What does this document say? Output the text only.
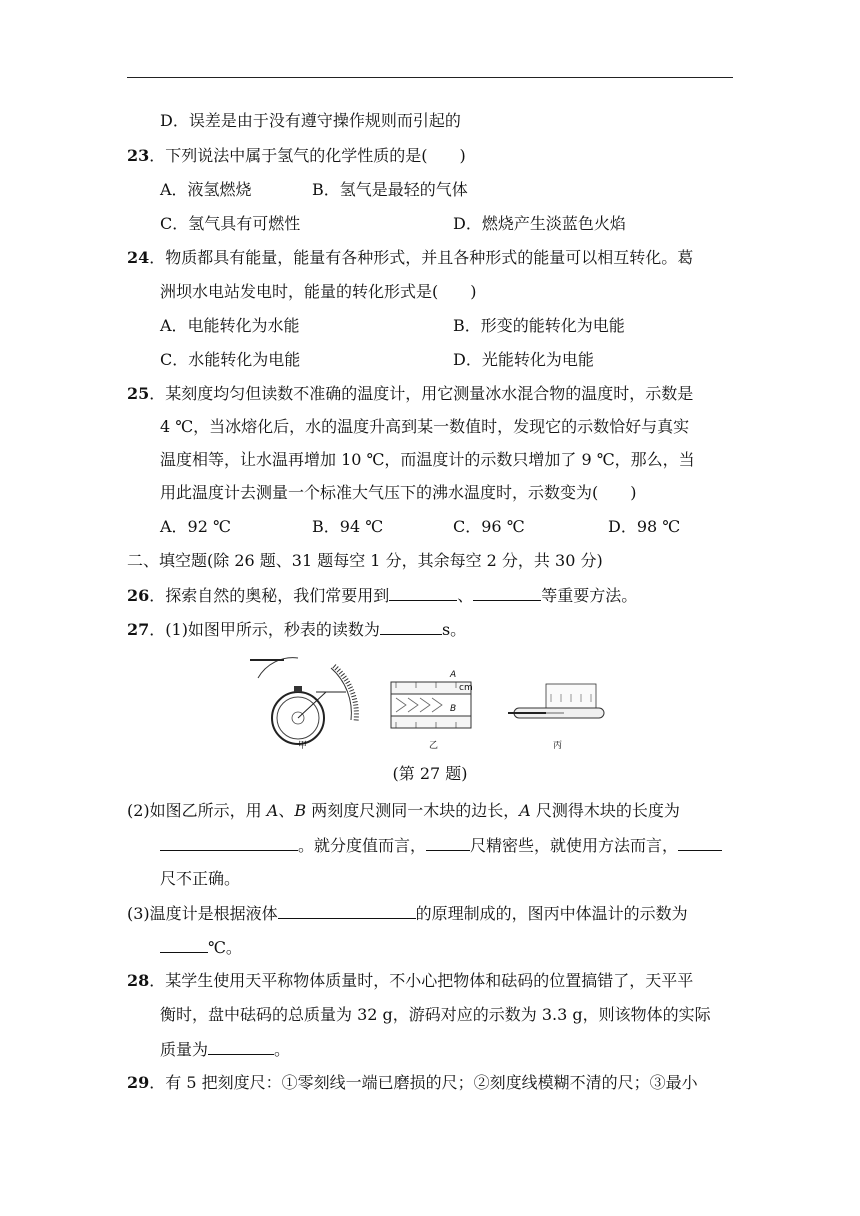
D．误差是由于没有遵守操作规则而引起的
23．下列说法中属于氢气的化学性质的是(　　)
A．液氢燃烧	B．氢气是最轻的气体
C．氢气具有可燃性	D．燃烧产生淡蓝色火焰
24．物质都具有能量，能量有各种形式，并且各种形式的能量可以相互转化。葛
洲坝水电站发电时，能量的转化形式是(　　)
A．电能转化为水能	B．形变的能转化为电能
C．水能转化为电能	D．光能转化为电能
25．某刻度均匀但读数不准确的温度计，用它测量冰水混合物的温度时，示数是
4 ℃，当冰熔化后，水的温度升高到某一数值时，发现它的示数恰好与真实
温度相等，让水温再增加 10 ℃，而温度计的示数只增加了 9 ℃，那么，当
用此温度计去测量一个标准大气压下的沸水温度时，示数变为(　　)
A．92 ℃	B．94 ℃	C．96 ℃	D．98 ℃
二、填空题(除 26 题、31 题每空 1 分，其余每空 2 分，共 30 分)
26．探索自然的奥秘，我们常要用到	、	等重要方法。
27．(1)如图甲所示，秒表的读数为	s。
甲	乙	丙
A
B
cm
(第 27 题)
(2)如图乙所示，用 A、B 两刻度尺测同一木块的边长，A 尺测得木块的长度为
。就分度值而言，	尺精密些，就使用方法而言，
尺不正确。
(3)温度计是根据液体	的原理制成的，图丙中体温计的示数为
℃。
28．某学生使用天平称物体质量时，不小心把物体和砝码的位置搞错了，天平平
衡时，盘中砝码的总质量为 32 g，游码对应的示数为 3.3 g，则该物体的实际
质量为	。
29．有 5 把刻度尺：①零刻线一端已磨损的尺；②刻度线模糊不清的尺；③最小
